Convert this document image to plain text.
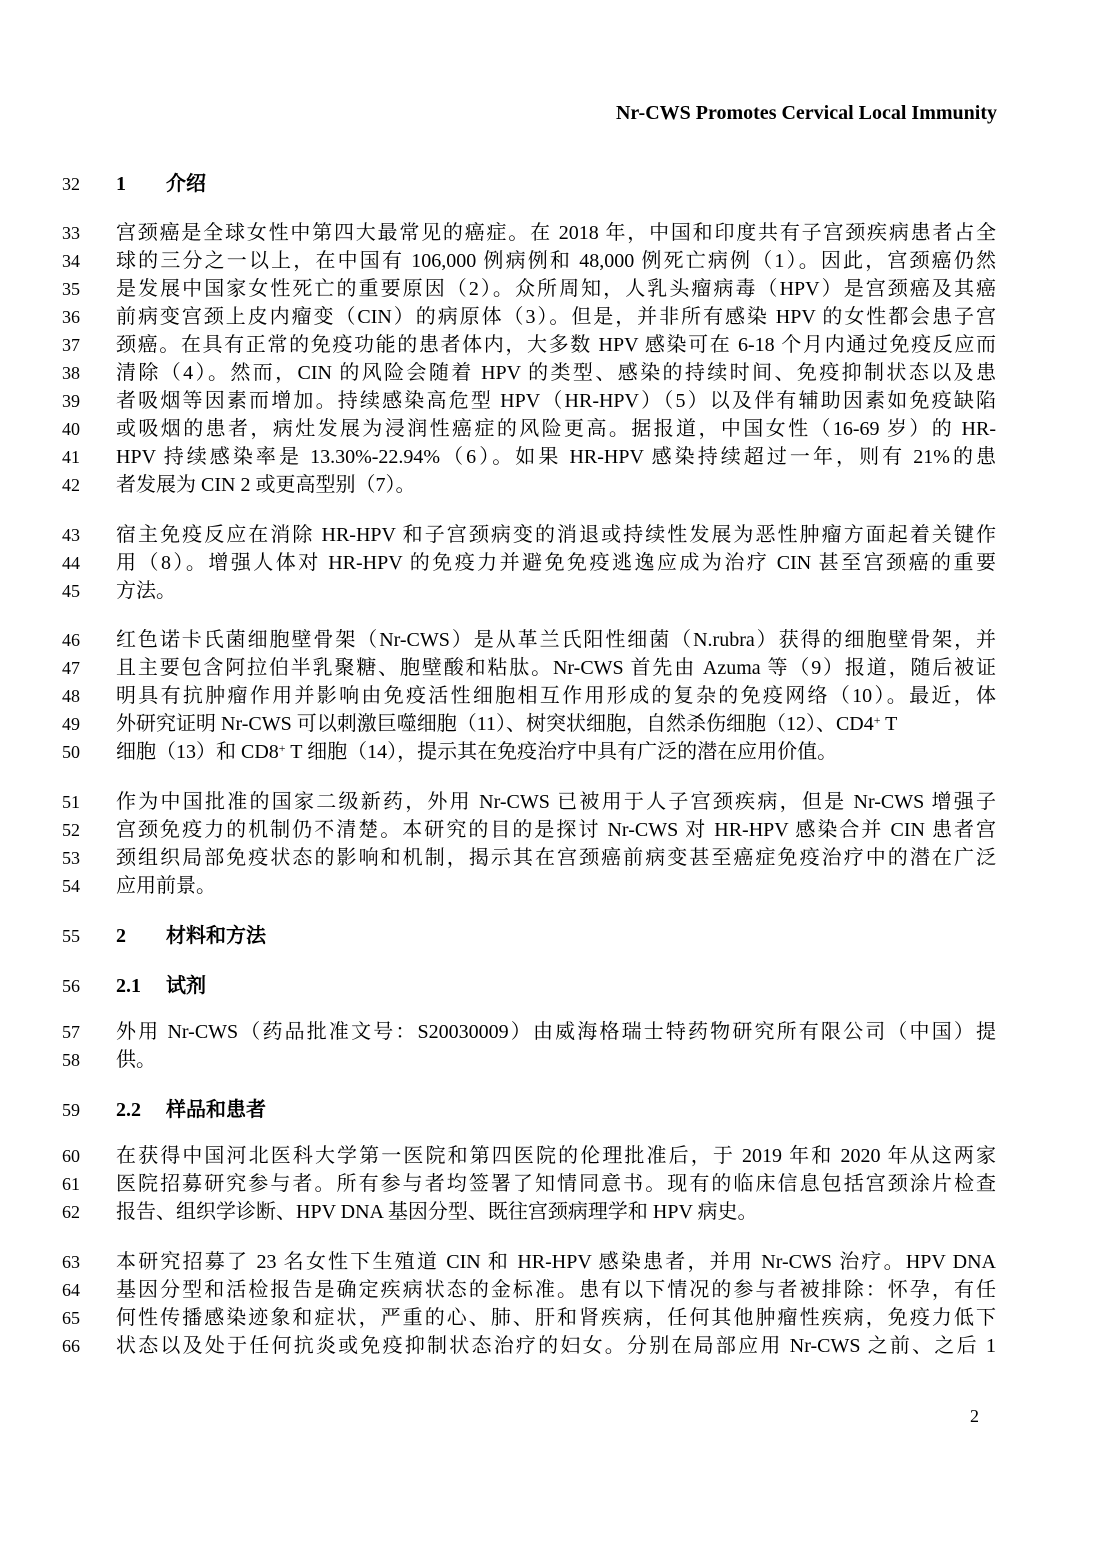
Nr-CWS Promotes Cervical Local Immunity
32	1 介绍
33	宫颈癌是全球女性中第四大最常见的癌症。在 2018 年，中国和印度共有子宫颈疾病患者占全
34	球的三分之一以上，在中国有 106,000 例病例和 48,000 例死亡病例（1）。因此，宫颈癌仍然
35	是发展中国家女性死亡的重要原因（2）。众所周知，人乳头瘤病毒（HPV）是宫颈癌及其癌
36	前病变宫颈上皮内瘤变（CIN）的病原体（3）。但是，并非所有感染 HPV 的女性都会患子宫
37	颈癌。在具有正常的免疫功能的患者体内，大多数 HPV 感染可在 6-18 个月内通过免疫反应而
38	清除（4）。然而，CIN 的风险会随着 HPV 的类型、感染的持续时间、免疫抑制状态以及患
39	者吸烟等因素而增加。持续感染高危型 HPV（HR-HPV）（5）以及伴有辅助因素如免疫缺陷
40	或吸烟的患者，病灶发展为浸润性癌症的风险更高。据报道，中国女性（16-69 岁）的 HR-
41	HPV 持续感染率是 13.30%-22.94%（6）。如果 HR-HPV 感染持续超过一年，则有 21%的患
42	者发展为 CIN 2 或更高型别（7）。
43	宿主免疫反应在消除 HR-HPV 和子宫颈病变的消退或持续性发展为恶性肿瘤方面起着关键作
44	用（8）。增强人体对 HR-HPV 的免疫力并避免免疫逃逸应成为治疗 CIN 甚至宫颈癌的重要
45	方法。
46	红色诺卡氏菌细胞壁骨架（Nr-CWS）是从革兰氏阳性细菌（N.rubra）获得的细胞壁骨架，并
47	且主要包含阿拉伯半乳聚糖、胞壁酸和粘肽。Nr-CWS 首先由 Azuma 等（9）报道，随后被证
48	明具有抗肿瘤作用并影响由免疫活性细胞相互作用形成的复杂的免疫网络（10）。最近，体
49	外研究证明 Nr-CWS 可以刺激巨噬细胞（11）、树突状细胞，自然杀伤细胞（12）、CD4+ T
50	细胞（13）和 CD8+ T 细胞（14），提示其在免疫治疗中具有广泛的潜在应用价值。
51	作为中国批准的国家二级新药，外用 Nr-CWS 已被用于人子宫颈疾病，但是 Nr-CWS 增强子
52	宫颈免疫力的机制仍不清楚。本研究的目的是探讨 Nr-CWS 对 HR-HPV 感染合并 CIN 患者宫
53	颈组织局部免疫状态的影响和机制，揭示其在宫颈癌前病变甚至癌症免疫治疗中的潜在广泛
54	应用前景。
55	2 材料和方法
56	2.1 试剂
57	外用 Nr-CWS（药品批准文号：S20030009）由威海格瑞士特药物研究所有限公司（中国）提
58	供。
59	2.2 样品和患者
60	在获得中国河北医科大学第一医院和第四医院的伦理批准后，于 2019 年和 2020 年从这两家
61	医院招募研究参与者。所有参与者均签署了知情同意书。现有的临床信息包括宫颈涂片检查
62	报告、组织学诊断、HPV DNA 基因分型、既往宫颈病理学和 HPV 病史。
63	本研究招募了 23 名女性下生殖道 CIN 和 HR-HPV 感染患者，并用 Nr-CWS 治疗。HPV DNA
64	基因分型和活检报告是确定疾病状态的金标准。患有以下情况的参与者被排除：怀孕，有任
65	何性传播感染迹象和症状，严重的心、肺、肝和肾疾病，任何其他肿瘤性疾病，免疫力低下
66	状态以及处于任何抗炎或免疫抑制状态治疗的妇女。分别在局部应用 Nr-CWS 之前、之后 1
2
